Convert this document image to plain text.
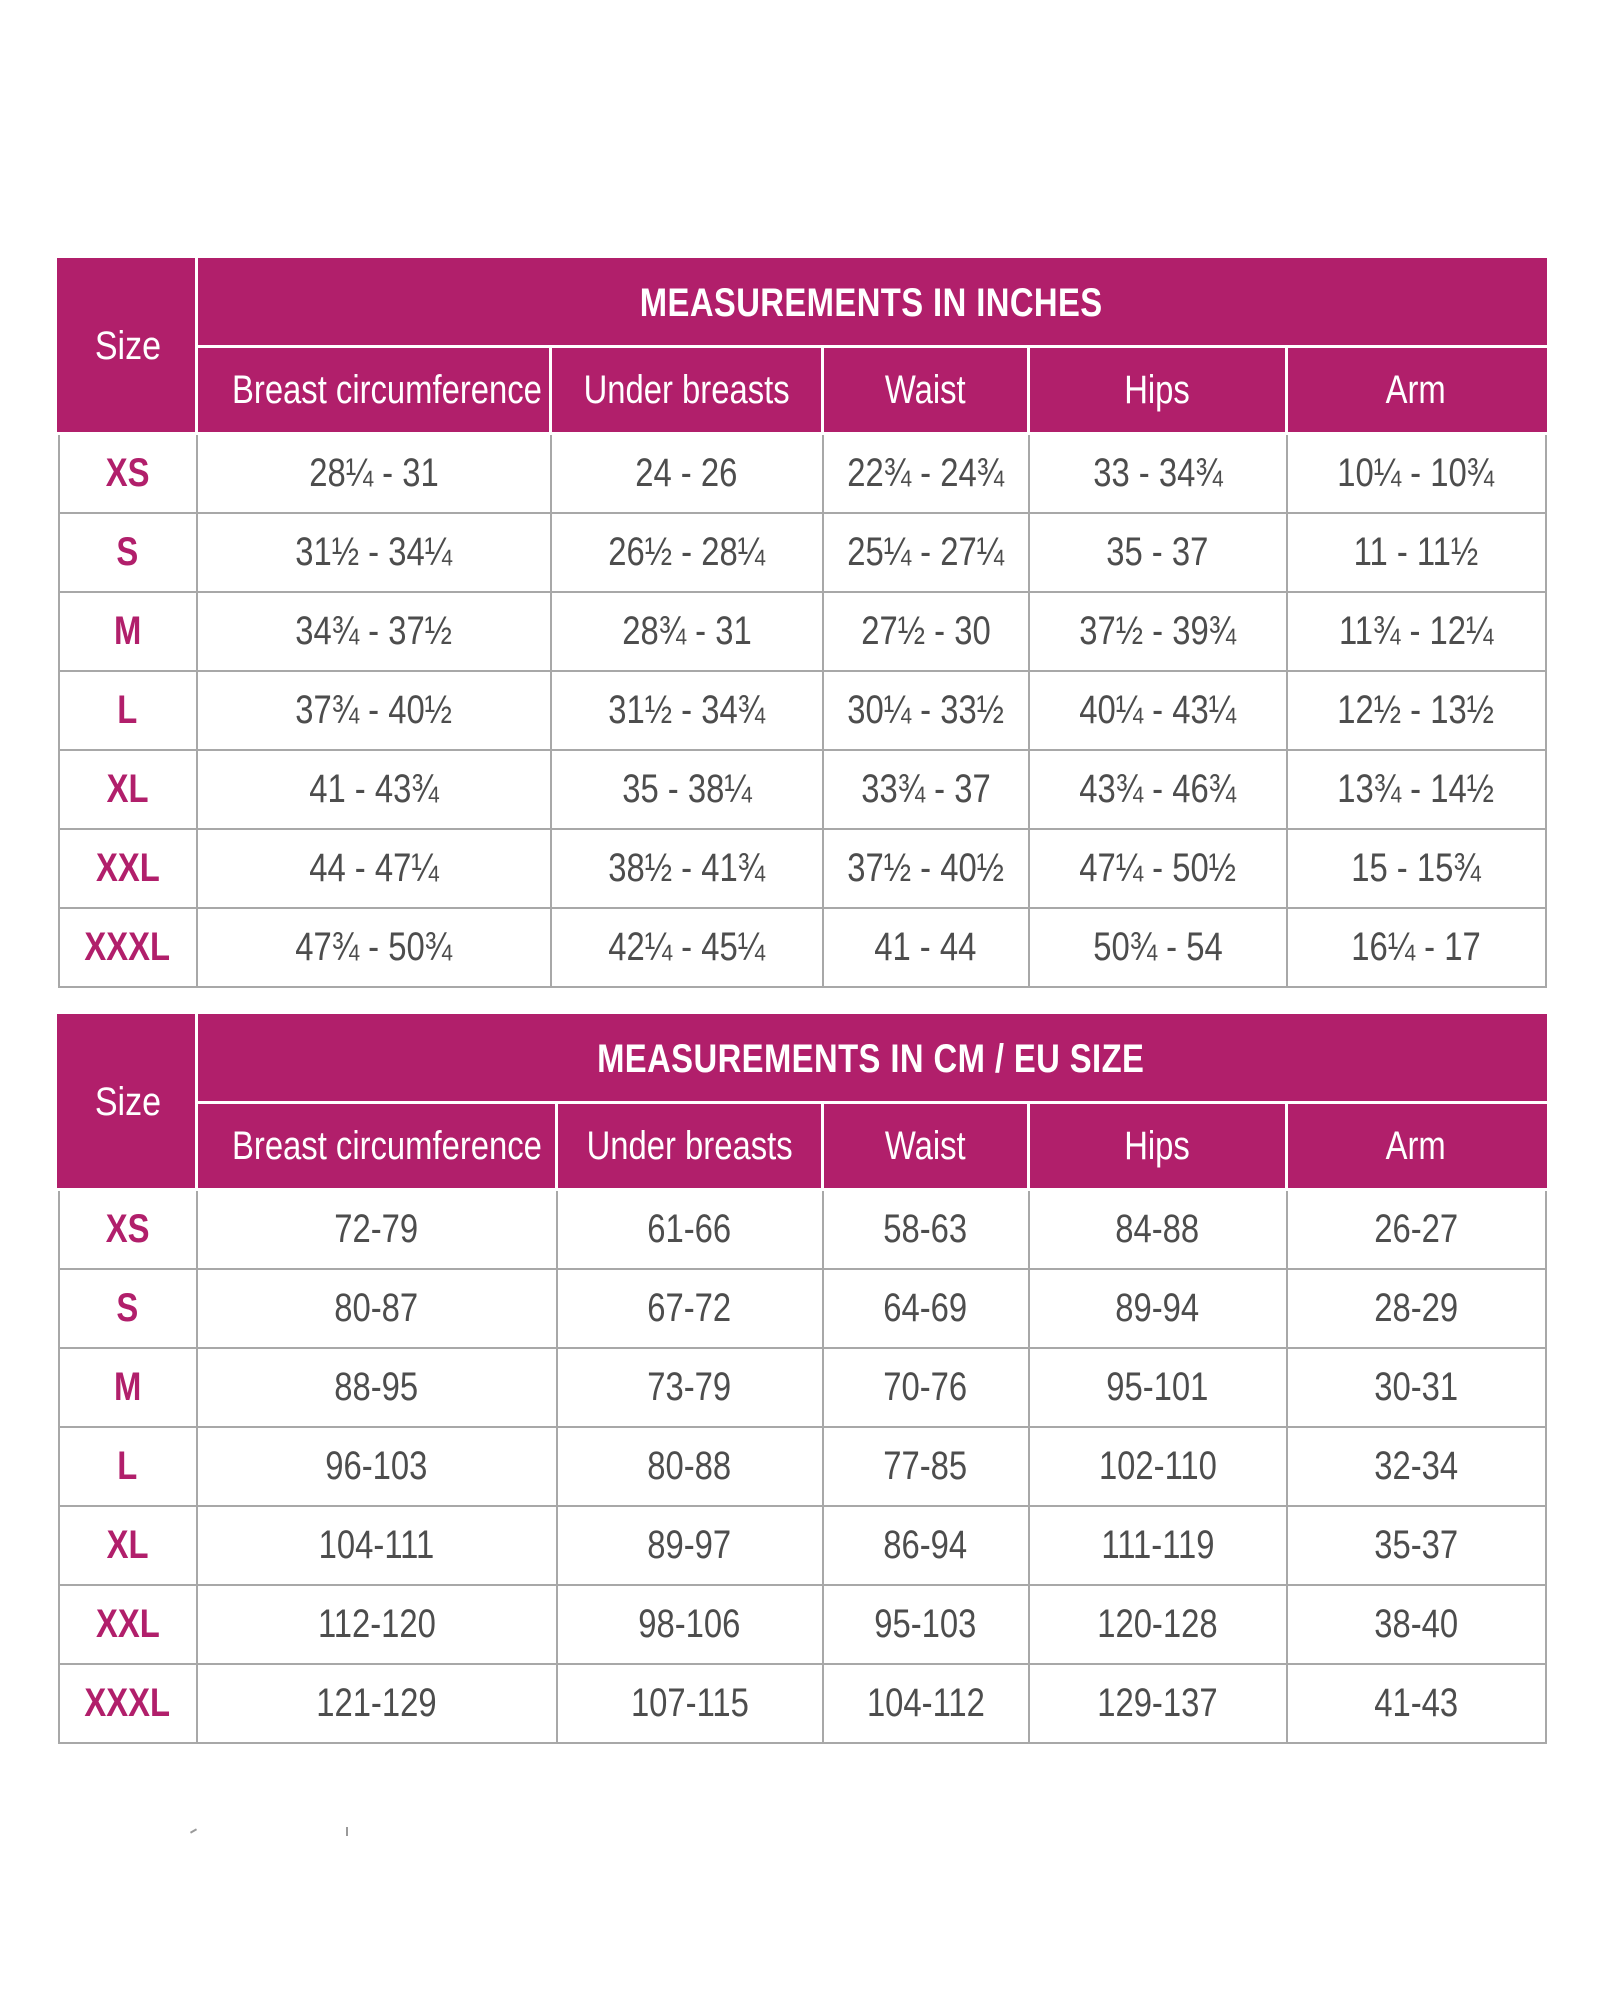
Size	MEASUREMENTS IN INCHES				
	Breast circumference	Under breasts	Waist	Hips	Arm
XS	28¼ - 31	24 - 26	22¾ - 24¾	33 - 34¾	10¼ - 10¾
S	31½ - 34¼	26½ - 28¼	25¼ - 27¼	35 - 37	11 - 11½
M	34¾ - 37½	28¾ - 31	27½ - 30	37½ - 39¾	11¾ - 12¼
L	37¾ - 40½	31½ - 34¾	30¼ - 33½	40¼ - 43¼	12½ - 13½
XL	41 - 43¾	35 - 38¼	33¾ - 37	43¾ - 46¾	13¾ - 14½
XXL	44 - 47¼	38½ - 41¾	37½ - 40½	47¼ - 50½	15 - 15¾
XXXL	47¾ - 50¾	42¼ - 45¼	41 - 44	50¾ - 54	16¼ - 17
Size	MEASUREMENTS IN CM / EU SIZE				
	Breast circumference	Under breasts	Waist	Hips	Arm
XS	72-79	61-66	58-63	84-88	26-27
S	80-87	67-72	64-69	89-94	28-29
M	88-95	73-79	70-76	95-101	30-31
L	96-103	80-88	77-85	102-110	32-34
XL	104-111	89-97	86-94	111-119	35-37
XXL	112-120	98-106	95-103	120-128	38-40
XXXL	121-129	107-115	104-112	129-137	41-43
